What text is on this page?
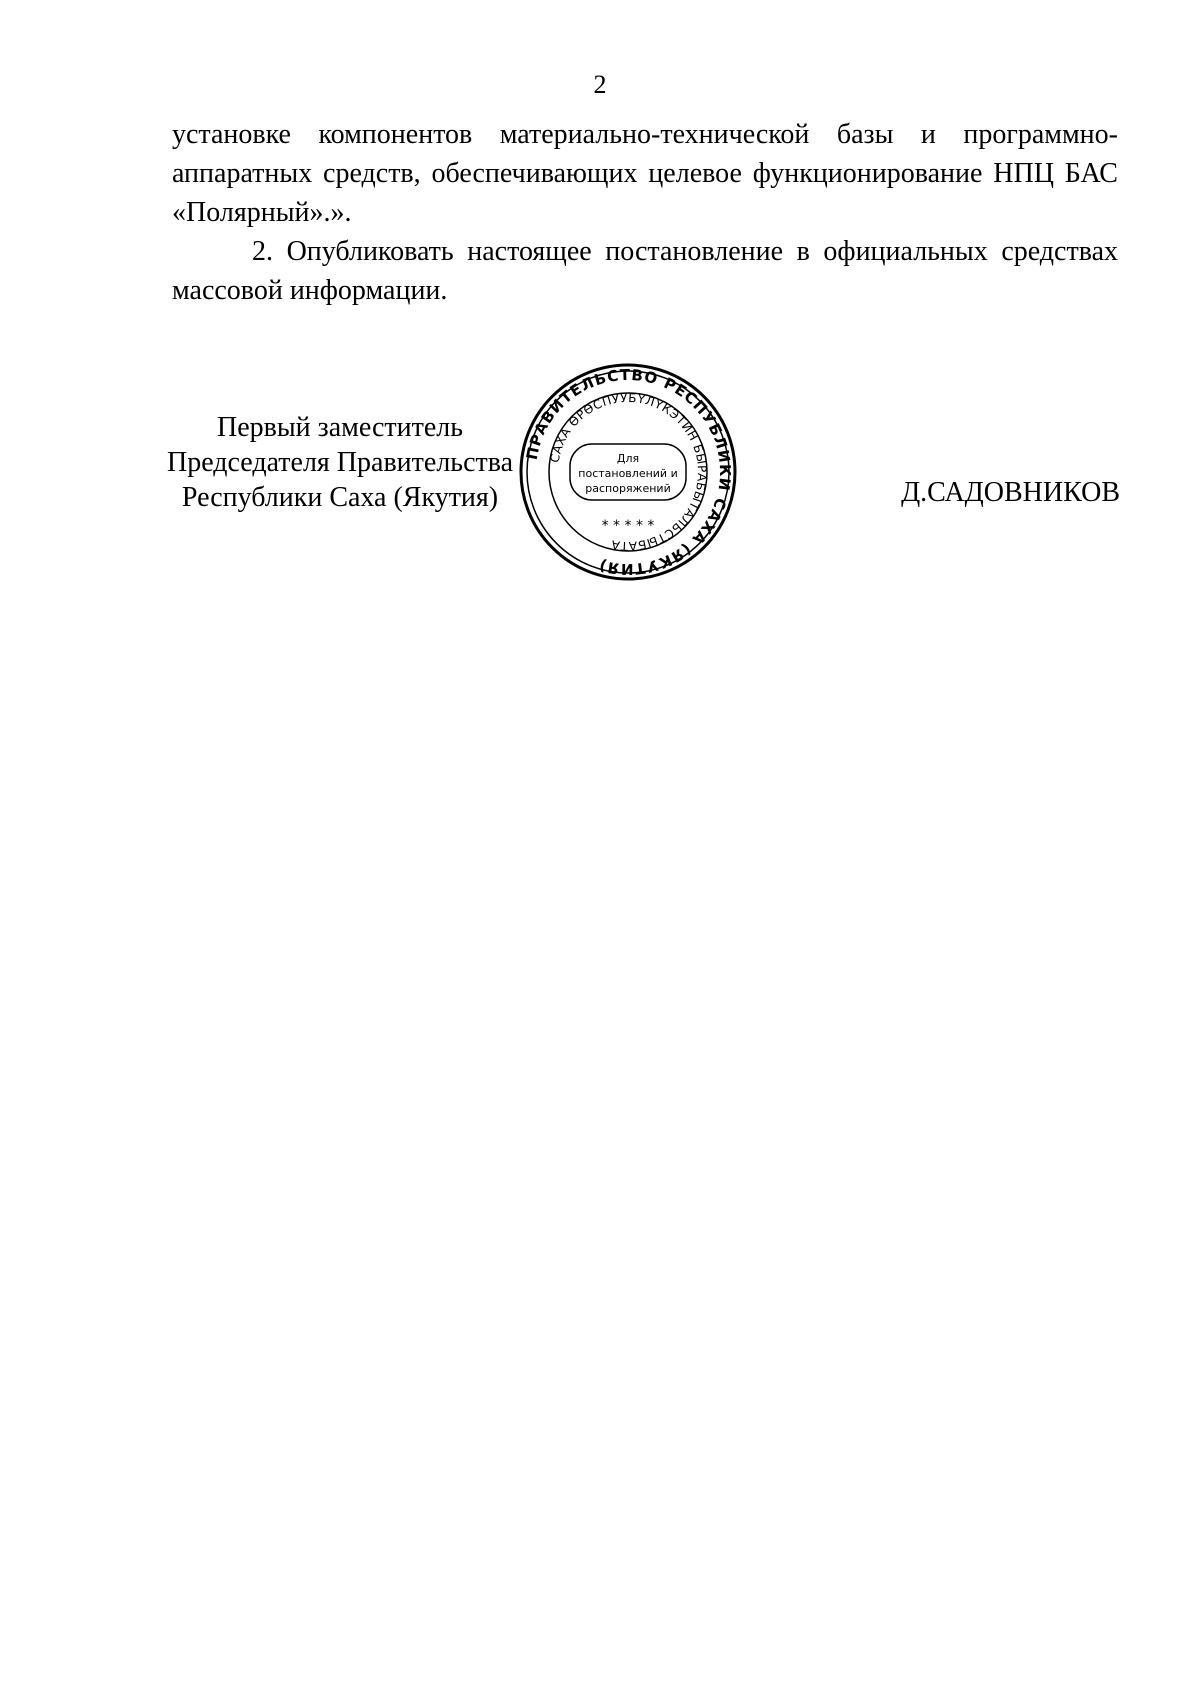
2

установке компонентов материально-технической базы и программно-аппаратных средств, обеспечивающих целевое функционирование НПЦ БАС «Полярный».».

2. Опубликовать настоящее постановление в официальных средствах массовой информации.

Первый заместитель
Председателя Правительства
Республики Саха (Якутия)
ПРАВИТЕЛЬСТВО РЕСПУБЛИКИ САХА (ЯКУТИЯ)
САХА ӨРӨСПУУБҮЛҮКЭТИН БЫРАБЫТАЛЬСТЫБАТА
Для
постановлений и
распоряжений
* * * * *
Д.САДОВНИКОВ
